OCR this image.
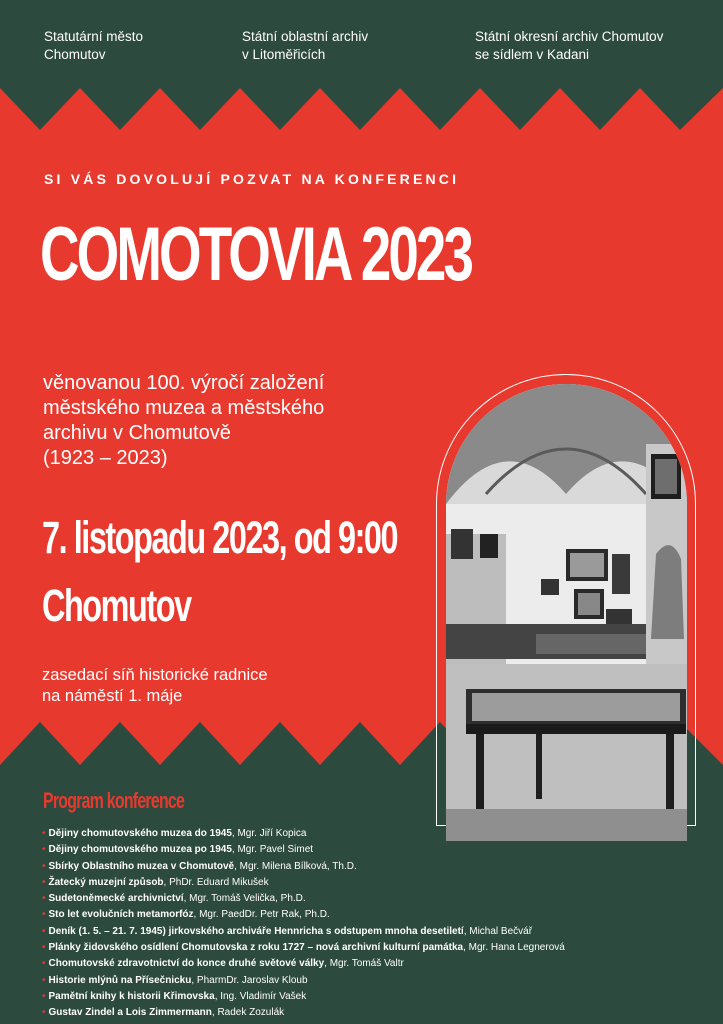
Statutární město
Chomutov
Státní oblastní archiv
v Litoměřicích
Státní okresní archiv Chomutov
se sídlem v Kadani
SI VÁS DOVOLUJÍ POZVAT NA KONFERENCI
COMOTOVIA 2023
věnovanou 100. výročí založení
městského muzea a městského
archivu v Chomutově
(1923 – 2023)
7. listopadu 2023, od 9:00
Chomutov
zasedací síň historické radnice
na náměstí 1. máje
Program konference
• Dějiny chomutovského muzea do 1945, Mgr. Jiří Kopica
• Dějiny chomutovského muzea po 1945, Mgr. Pavel Simet
• Sbírky Oblastního muzea v Chomutově, Mgr. Milena Bílková, Th.D.
• Žatecký muzejní způsob, PhDr. Eduard Mikušek
• Sudetoněmecké archivnictví, Mgr. Tomáš Velička, Ph.D.
• Sto let evolučních metamorfóz, Mgr. PaedDr. Petr Rak, Ph.D.
• Deník (1. 5. – 21. 7. 1945) jirkovského archiváře Hennricha s odstupem mnoha desetiletí, Michal Bečvář
• Plánky židovského osídlení Chomutovska z roku 1727 – nová archivní kulturní památka, Mgr. Hana Legnerová
• Chomutovské zdravotnictví do konce druhé světové války, Mgr. Tomáš Valtr
• Historie mlýnů na Přísečnicku, PharmDr. Jaroslav Kloub
• Pamětní knihy k historii Křimovska, Ing. Vladimír Vašek
• Gustav Zindel a Lois Zimmermann, Radek Zozulák
